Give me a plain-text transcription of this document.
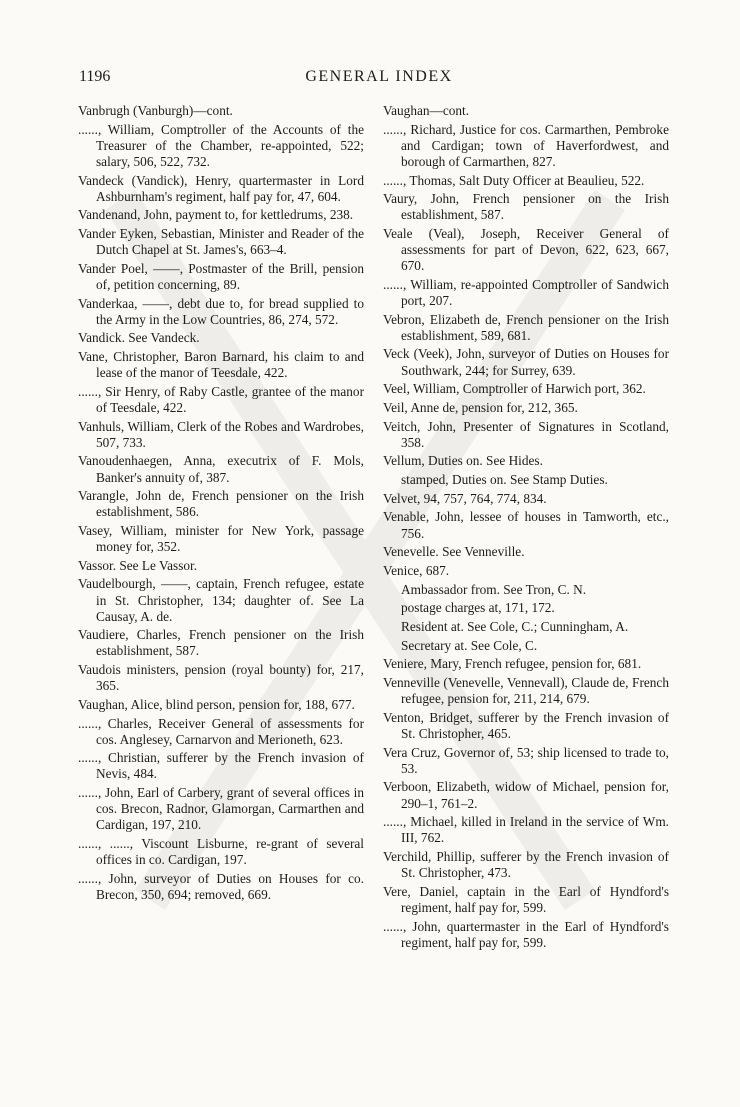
1196	GENERAL INDEX

Vanbrugh (Vanburgh)—cont.

......, William, Comptroller of the Accounts of the Treasurer of the Chamber, re-appointed, 522; salary, 506, 522, 732.

Vandeck (Vandick), Henry, quartermaster in Lord Ashburnham's regiment, half pay for, 47, 604.

Vandenand, John, payment to, for kettledrums, 238.

Vander Eyken, Sebastian, Minister and Reader of the Dutch Chapel at St. James's, 663–4.

Vander Poel, ——, Postmaster of the Brill, pension of, petition concerning, 89.

Vanderkaa, ——, debt due to, for bread supplied to the Army in the Low Countries, 86, 274, 572.

Vandick. See Vandeck.

Vane, Christopher, Baron Barnard, his claim to and lease of the manor of Teesdale, 422.

......, Sir Henry, of Raby Castle, grantee of the manor of Teesdale, 422.

Vanhuls, William, Clerk of the Robes and Wardrobes, 507, 733.

Vanoudenhaegen, Anna, executrix of F. Mols, Banker's annuity of, 387.

Varangle, John de, French pensioner on the Irish establishment, 586.

Vasey, William, minister for New York, passage money for, 352.

Vassor. See Le Vassor.

Vaudelbourgh, ——, captain, French refugee, estate in St. Christopher, 134; daughter of. See La Causay, A. de.

Vaudiere, Charles, French pensioner on the Irish establishment, 587.

Vaudois ministers, pension (royal bounty) for, 217, 365.

Vaughan, Alice, blind person, pension for, 188, 677.

......, Charles, Receiver General of assessments for cos. Anglesey, Carnarvon and Merioneth, 623.

......, Christian, sufferer by the French invasion of Nevis, 484.

......, John, Earl of Carbery, grant of several offices in cos. Brecon, Radnor, Glamorgan, Carmarthen and Cardigan, 197, 210.

......, ......, Viscount Lisburne, re-grant of several offices in co. Cardigan, 197.

......, John, surveyor of Duties on Houses for co. Brecon, 350, 694; removed, 669.

Vaughan—cont.

......, Richard, Justice for cos. Carmarthen, Pembroke and Cardigan; town of Haverfordwest, and borough of Carmarthen, 827.

......, Thomas, Salt Duty Officer at Beaulieu, 522.

Vaury, John, French pensioner on the Irish establishment, 587.

Veale (Veal), Joseph, Receiver General of assessments for part of Devon, 622, 623, 667, 670.

......, William, re-appointed Comptroller of Sandwich port, 207.

Vebron, Elizabeth de, French pensioner on the Irish establishment, 589, 681.

Veck (Veek), John, surveyor of Duties on Houses for Southwark, 244; for Surrey, 639.

Veel, William, Comptroller of Harwich port, 362.

Veil, Anne de, pension for, 212, 365.

Veitch, John, Presenter of Signatures in Scotland, 358.

Vellum, Duties on. See Hides.

stamped, Duties on. See Stamp Duties.

Velvet, 94, 757, 764, 774, 834.

Venable, John, lessee of houses in Tamworth, etc., 756.

Venevelle. See Venneville.

Venice, 687.

Ambassador from. See Tron, C. N.

postage charges at, 171, 172.

Resident at. See Cole, C.; Cunningham, A.

Secretary at. See Cole, C.

Veniere, Mary, French refugee, pension for, 681.

Venneville (Venevelle, Vennevall), Claude de, French refugee, pension for, 211, 214, 679.

Venton, Bridget, sufferer by the French invasion of St. Christopher, 465.

Vera Cruz, Governor of, 53; ship licensed to trade to, 53.

Verboon, Elizabeth, widow of Michael, pension for, 290–1, 761–2.

......, Michael, killed in Ireland in the service of Wm. III, 762.

Verchild, Phillip, sufferer by the French invasion of St. Christopher, 473.

Vere, Daniel, captain in the Earl of Hyndford's regiment, half pay for, 599.

......, John, quartermaster in the Earl of Hyndford's regiment, half pay for, 599.
